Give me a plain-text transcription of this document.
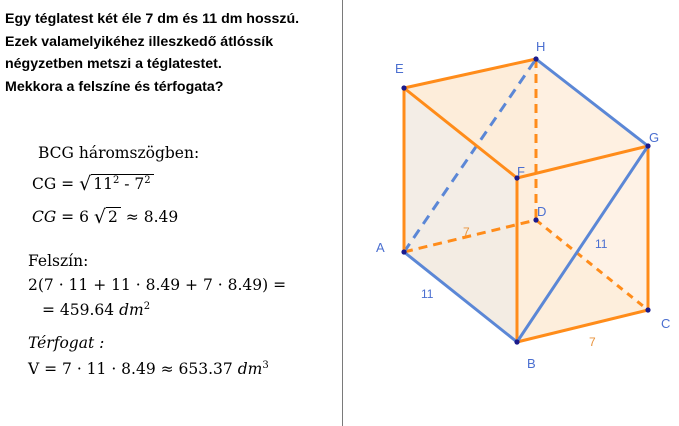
Egy téglatest két éle 7 dm és 11 dm hosszú.
Ezek valamelyikéhez illeszkedő átlóssík
négyzetben metszi a téglatestet.
Mekkora a felszíne és térfogata?
BCG háromszögben:
CG = √ $11^2 - 7^2$
CG = 6 √ 2 ≈ 8.49
Felszín:
2(7 · 11 + 11 · 8.49 + 7 · 8.49) =
= 459.64 $dm^2$
Térfogat :
V = 7 · 11 · 8.49 ≈ 653.37 $dm^3$
E
H
G
F
A
D
C
B
11
7
7
11
